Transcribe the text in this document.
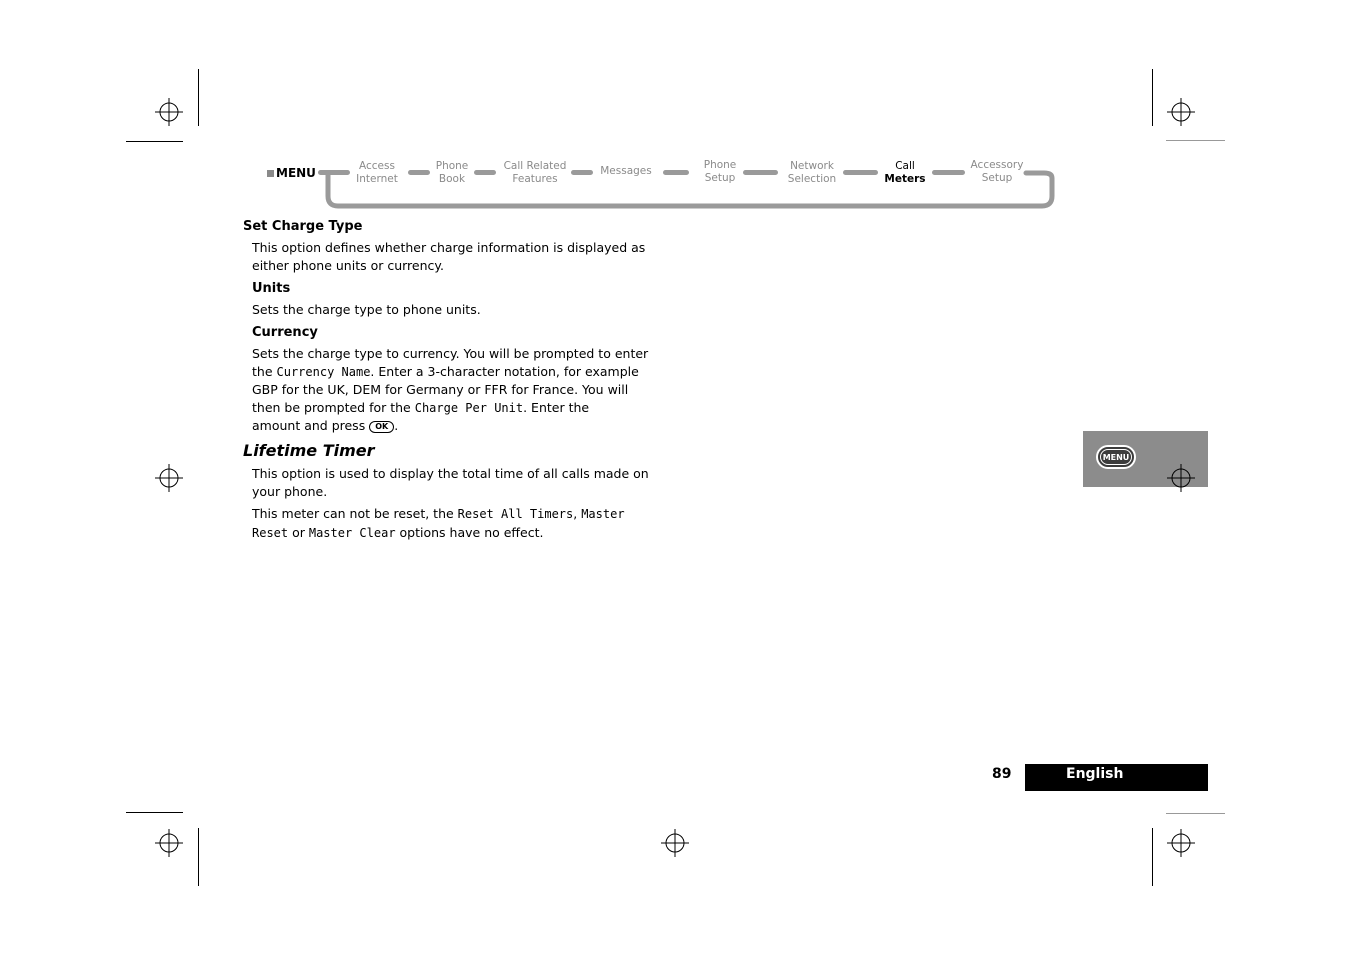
MENU	Access
Internet
Phone
Book
Call Related
Features
Messages	Phone
Setup
Network
Selection
Call
Meters
Accessory
Setup
Set Charge Type
This option defines whether charge information is displayed as
either phone units or currency.
Units
Sets the charge type to phone units.
Currency
Sets the charge type to currency. You will be prompted to enter
the Currency Name. Enter a 3-character notation, for example
GBP for the UK, DEM for Germany or FFR for France. You will
then be prompted for the Charge Per Unit. Enter the
amount and press OK .
Lifetime Timer
This option is used to display the total time of all calls made on
your phone.
This meter can not be reset, the Reset All Timers, Master
Reset or Master Clear options have no effect.
MENU
89	English
